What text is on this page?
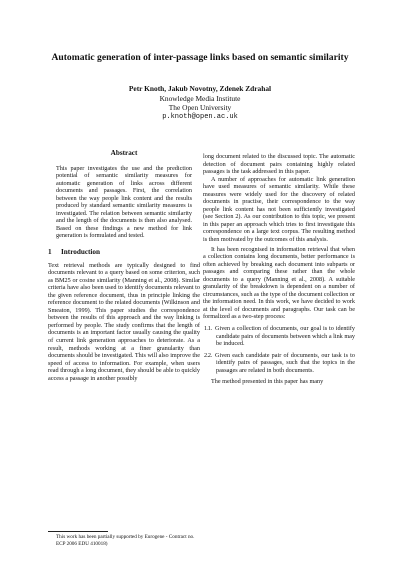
Automatic generation of inter-passage links based on semantic similarity
Petr Knoth, Jakub Novotny, Zdenek Zdrahal
Knowledge Media Institute
The Open University
p.knoth@open.ac.uk
Abstract

This paper investigates the use and the prediction potential of semantic similarity measures for automatic generation of links across different documents and passages. First, the correlation between the way people link content and the results produced by standard semantic similarity measures is investigated. The relation between semantic similarity and the length of the documents is then also analysed. Based on these findings a new method for link generation is formulated and tested.

1 Introduction

Text retrieval methods are typically designed to find documents relevant to a query based on some criterion, such as BM25 or cosine similarity (Manning et al., 2008). Similar criteria have also been used to identify documents relevant to the given reference document, thus in principle linking the reference document to the related documents (Wilkinson and Smeaton, 1999). This paper studies the correspondence between the results of this approach and the way linking is performed by people. The study confirms that the length of documents is an important factor usually causing the quality of current link generation approaches to deteriorate. As a result, methods working at a finer granularity than documents should be investigated. This will also improve the speed of access to information. For example, when users read through a long document, they should be able to quickly access a passage in another possibly

long document related to the discussed topic. The automatic detection of document pairs containing highly related passages is the task addressed in this paper.

A number of approaches for automatic link generation have used measures of semantic similarity. While these measures were widely used for the discovery of related documents in practise, their correspondence to the way people link content has not been sufficiently investigated (see Section 2). As our contribution to this topic, we present in this paper an approach which tries to first investigate this correspondence on a large text corpus. The resulting method is then motivated by the outcomes of this analysis.

It has been recognised in information retrieval that when a collection contains long documents, better performance is often achieved by breaking each document into subparts or passages and comparing these rather than the whole documents to a query (Manning et al., 2008). A suitable granularity of the breakdown is dependent on a number of circumstances, such as the type of the document collection or the information need. In this work, we have decided to work at the level of documents and paragraphs. Our task can be formalized as a two-step process:

1. 1. Given a collection of documents, our goal is to identify candidate pairs of documents between which a link may be induced.
2. 2. Given each candidate pair of documents, our task is to identify pairs of passages, such that the topics in the passages are related in both documents.

The method presented in this paper has many

This work has been partially supported by Eurogene - Contract no. ECP 2006 EDU 410018)
